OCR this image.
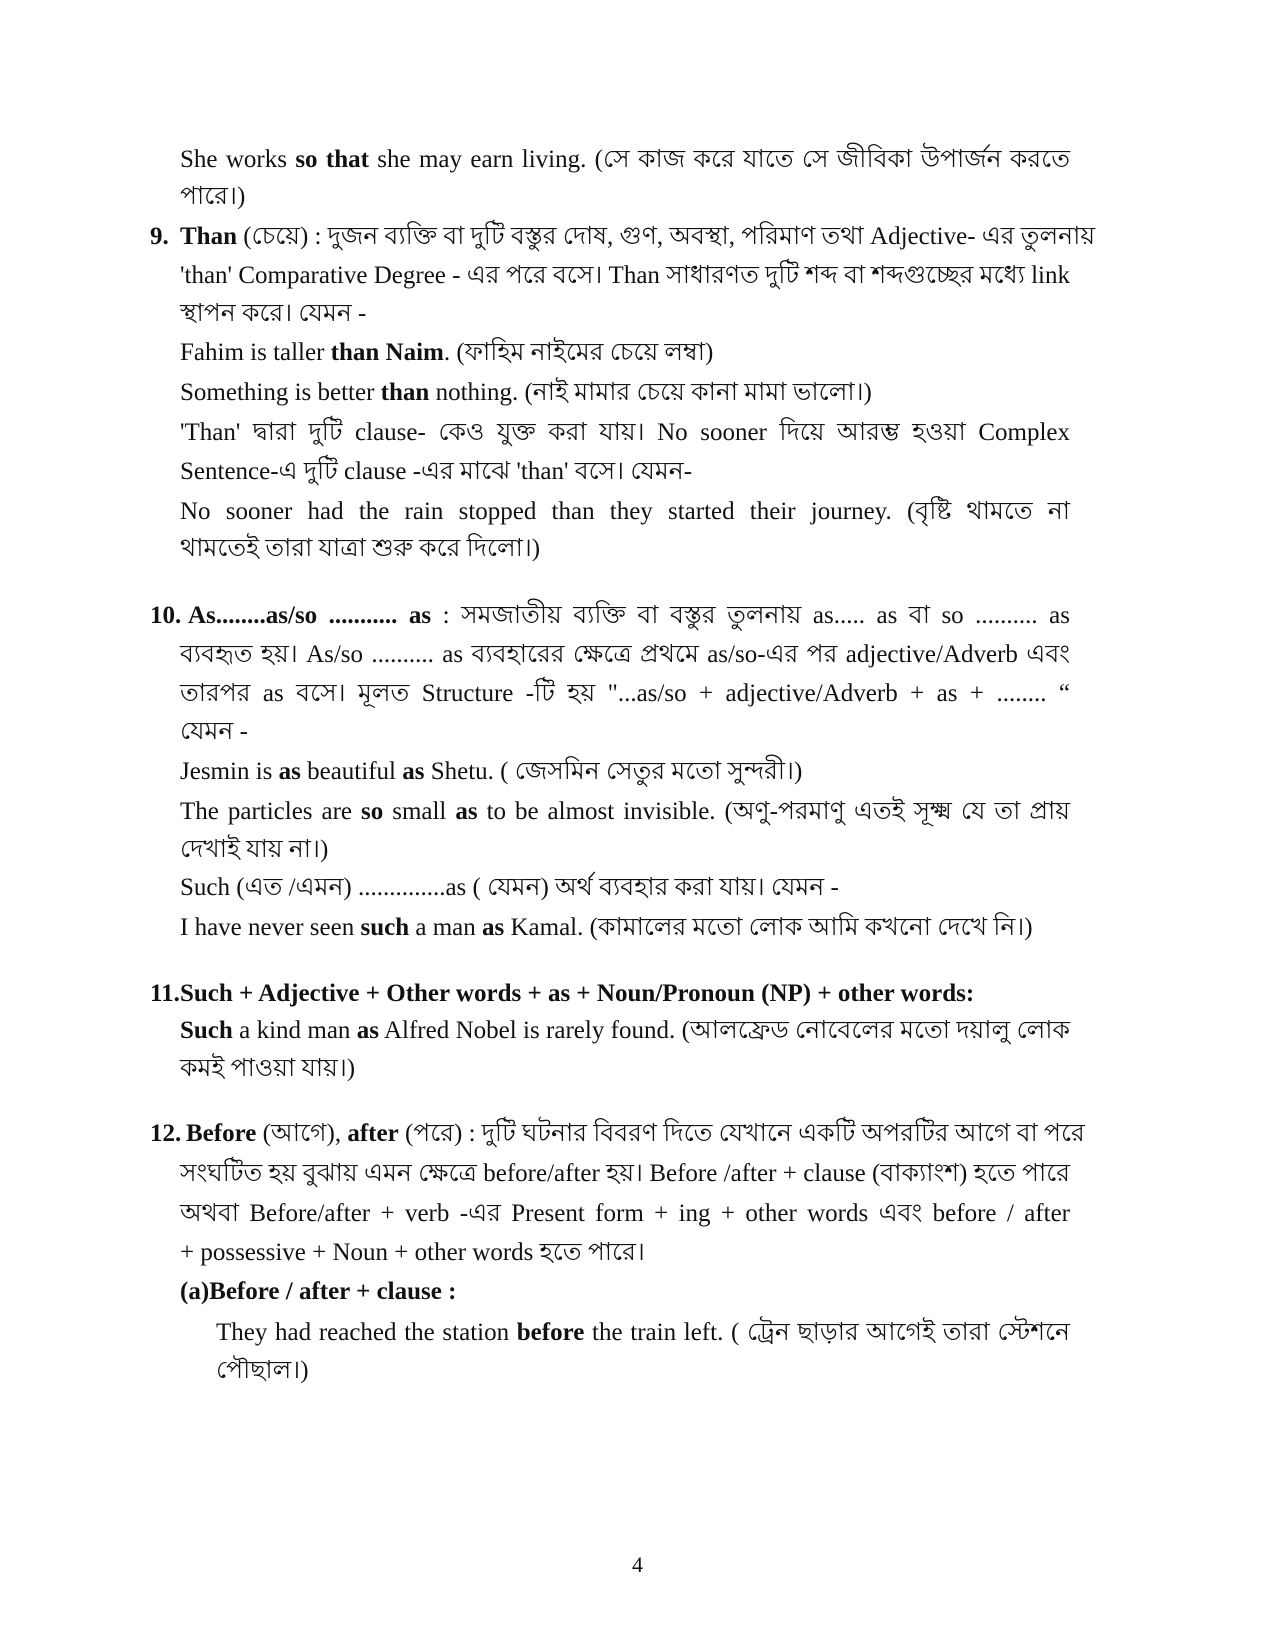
She works so that she may earn living. (সে কাজ করে যাতে সে জীবিকা উপার্জন করতে
পারে।)
9. Than (চেয়ে) : দুজন ব্যক্তি বা দুটি বস্তুর দোষ, গুণ, অবস্থা, পরিমাণ তথা Adjective- এর তুলনায়
'than' Comparative Degree - এর পরে বসে। Than সাধারণত দুটি শব্দ বা শব্দগুচ্ছের মধ্যে link
স্থাপন করে। যেমন -
Fahim is taller than Naim. (ফাহিম নাইমের চেয়ে লম্বা)
Something is better than nothing. (নাই মামার চেয়ে কানা মামা ভালো।)
'Than' দ্বারা দুটি clause- কেও যুক্ত করা যায়। No sooner দিয়ে আরম্ভ হওয়া Complex
Sentence-এ দুটি clause -এর মাঝে 'than' বসে। যেমন-
No sooner had the rain stopped than they started their journey. (বৃষ্টি থামতে না
থামতেই তারা যাত্রা শুরু করে দিলো।)
10. As........as/so ........... as : সমজাতীয় ব্যক্তি বা বস্তুর তুলনায় as..... as বা so .......... as
ব্যবহৃত হয়। As/so .......... as ব্যবহারের ক্ষেত্রে প্রথমে as/so-এর পর adjective/Adverb এবং
তারপর as বসে। মূলত Structure -টি হয় "...as/so + adjective/Adverb + as + ........ “
যেমন -
Jesmin is as beautiful as Shetu. ( জেসমিন সেতুর মতো সুন্দরী।)
The particles are so small as to be almost invisible. (অণু-পরমাণু এতই সূক্ষ্ম যে তা প্রায়
দেখাই যায় না।)
Such (এত /এমন) ..............as ( যেমন) অর্থ ব্যবহার করা যায়। যেমন -
I have never seen such a man as Kamal. (কামালের মতো লোক আমি কখনো দেখে নি।)
11. Such + Adjective + Other words + as + Noun/Pronoun (NP) + other words:
Such a kind man as Alfred Nobel is rarely found. (আলফ্রেড নোবেলের মতো দয়ালু লোক
কমই পাওয়া যায়।)
12. Before (আগে), after (পরে) : দুটি ঘটনার বিবরণ দিতে যেখানে একটি অপরটির আগে বা পরে
সংঘটিত হয় বুঝায় এমন ক্ষেত্রে before/after হয়। Before /after + clause (বাক্যাংশ) হতে পারে
অথবা Before/after + verb -এর Present form + ing + other words এবং before / after
+ possessive + Noun + other words হতে পারে।
(a)Before / after + clause :
They had reached the station before the train left. ( ট্রেন ছাড়ার আগেই তারা স্টেশনে
পৌছাল।)
4
